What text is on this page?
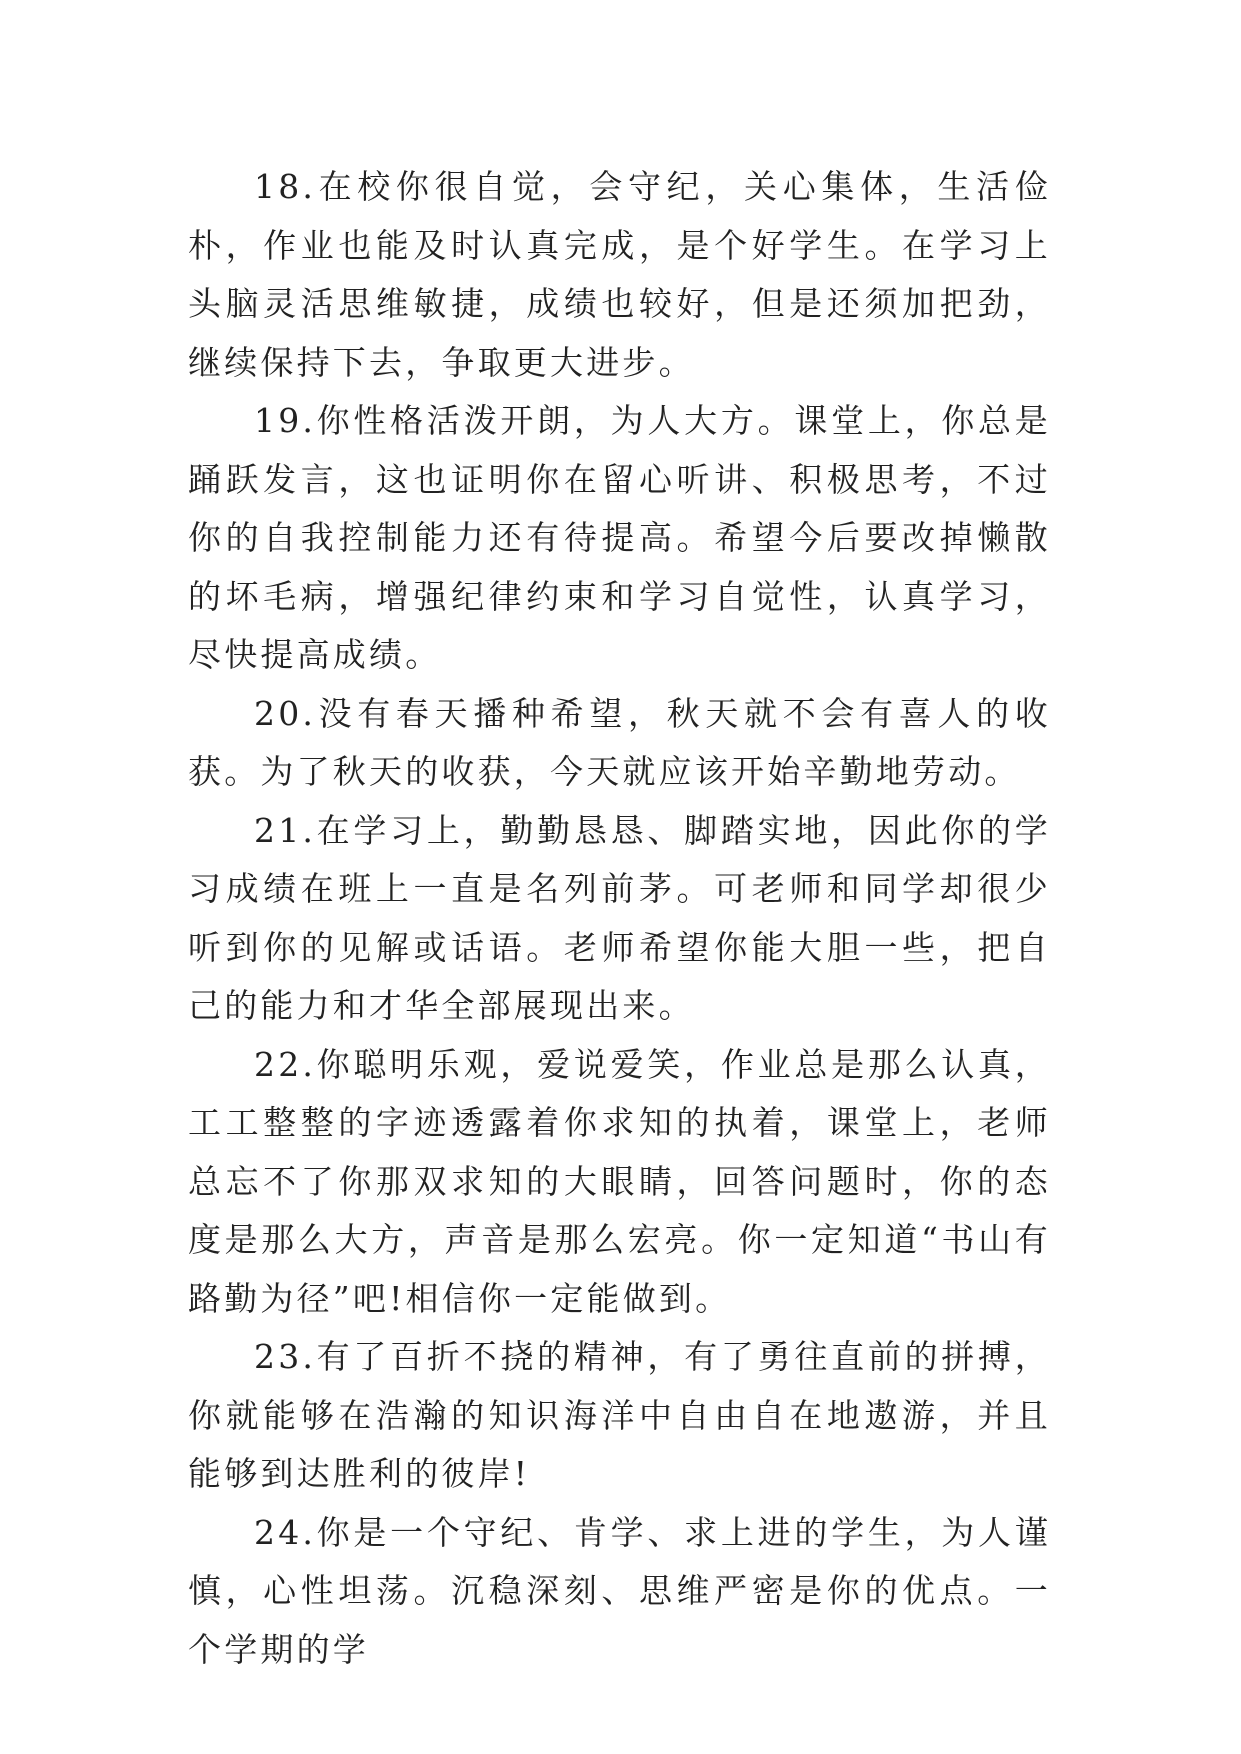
18.在校你很自觉，会守纪，关心集体，生活俭朴，作业也能及时认真完成，是个好学生。在学习上头脑灵活思维敏捷，成绩也较好，但是还须加把劲，继续保持下去，争取更大进步。

19.你性格活泼开朗，为人大方。课堂上，你总是踊跃发言，这也证明你在留心听讲、积极思考，不过你的自我控制能力还有待提高。希望今后要改掉懒散的坏毛病，增强纪律约束和学习自觉性，认真学习，尽快提高成绩。

20.没有春天播种希望，秋天就不会有喜人的收获。为了秋天的收获，今天就应该开始辛勤地劳动。

21.在学习上，勤勤恳恳、脚踏实地，因此你的学习成绩在班上一直是名列前茅。可老师和同学却很少听到你的见解或话语。老师希望你能大胆一些，把自己的能力和才华全部展现出来。

22.你聪明乐观，爱说爱笑，作业总是那么认真，工工整整的字迹透露着你求知的执着，课堂上，老师总忘不了你那双求知的大眼睛，回答问题时，你的态度是那么大方，声音是那么宏亮。你一定知道“书山有路勤为径”吧!相信你一定能做到。

23.有了百折不挠的精神，有了勇往直前的拼搏，你就能够在浩瀚的知识海洋中自由自在地遨游，并且能够到达胜利的彼岸!

24.你是一个守纪、肯学、求上进的学生，为人谨慎，心性坦荡。沉稳深刻、思维严密是你的优点。一个学期的学
